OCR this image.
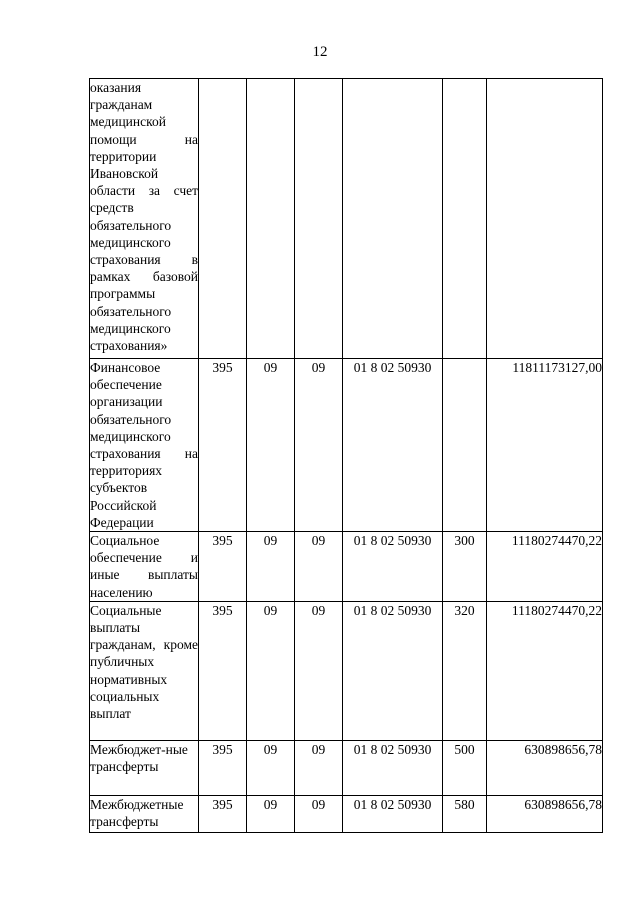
12
оказания гражданам медицинской помощи на территории Ивановской области за счет средств обязательного медицинского страхования в рамках базовой программы обязательного медицинского страхования»						
Финансовое обеспечение организации обязательного медицинского страхования на территориях субъектов Российской Федерации	395	09	09	01 8 02 50930		11811173127,00
Социальное обеспечение и иные выплаты населению	395	09	09	01 8 02 50930	300	11180274470,22
Социальные выплаты гражданам, кроме публичных нормативных социальных выплат	395	09	09	01 8 02 50930	320	11180274470,22
Межбюджет-ные трансферты	395	09	09	01 8 02 50930	500	630898656,78
Межбюджетные трансферты	395	09	09	01 8 02 50930	580	630898656,78
